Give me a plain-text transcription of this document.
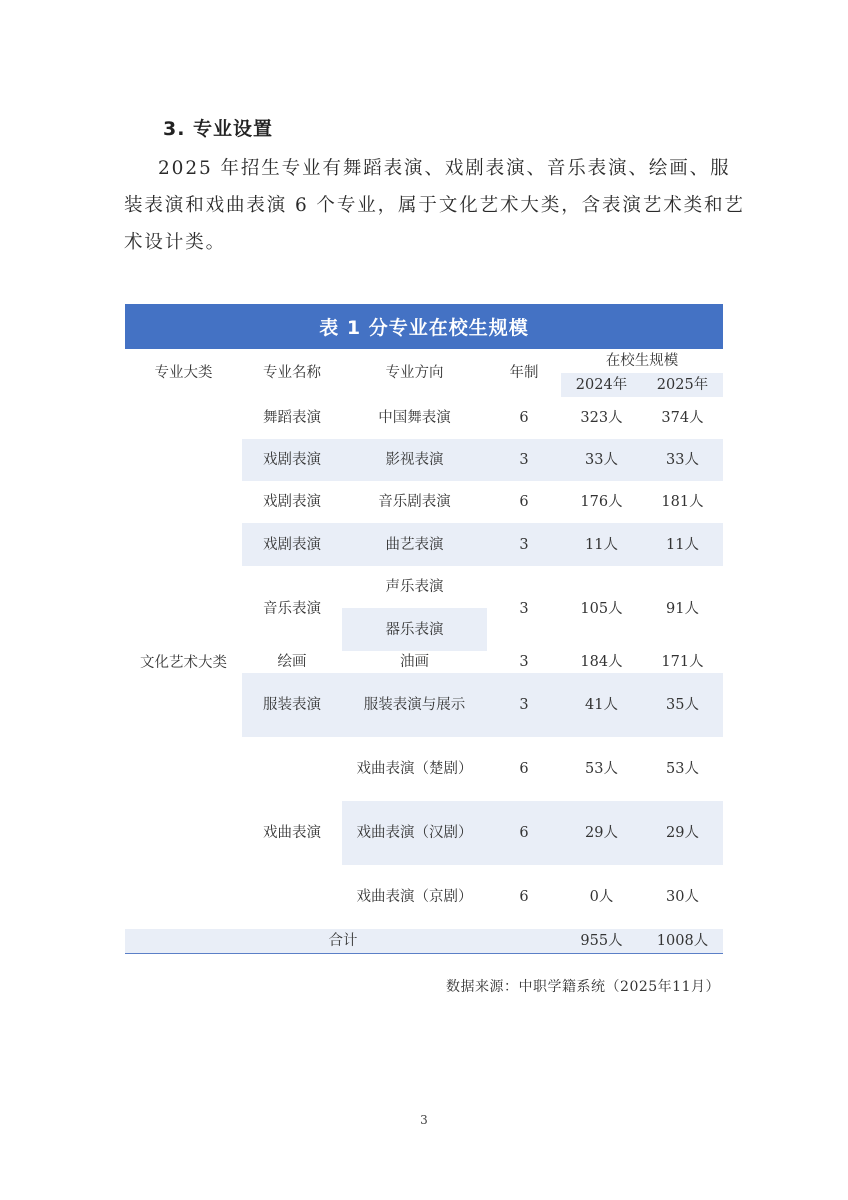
3. 专业设置
2025 年招生专业有舞蹈表演、戏剧表演、音乐表演、绘画、服
装表演和戏曲表演 6 个专业，属于文化艺术大类，含表演艺术类和艺
术设计类。
表 1 分专业在校生规模
专业大类	专业名称	专业方向	年制	在校生规模	
				2024年	2025年
文化艺术大类	舞蹈表演	中国舞表演	6	323人	374人
	戏剧表演	影视表演	3	33人	33人
	戏剧表演	音乐剧表演	6	176人	181人
	戏剧表演	曲艺表演	3	11人	11人
	音乐表演	声乐表演	3	105人	91人
		器乐表演			
	绘画	油画	3	184人	171人
	服装表演	服装表演与展示	3	41人	35人
	戏曲表演	戏曲表演（楚剧）	6	53人	53人
		戏曲表演（汉剧）	6	29人	29人
		戏曲表演（京剧）	6	0人	30人
合计				955人	1008人
数据来源：中职学籍系统（2025年11月）
3
